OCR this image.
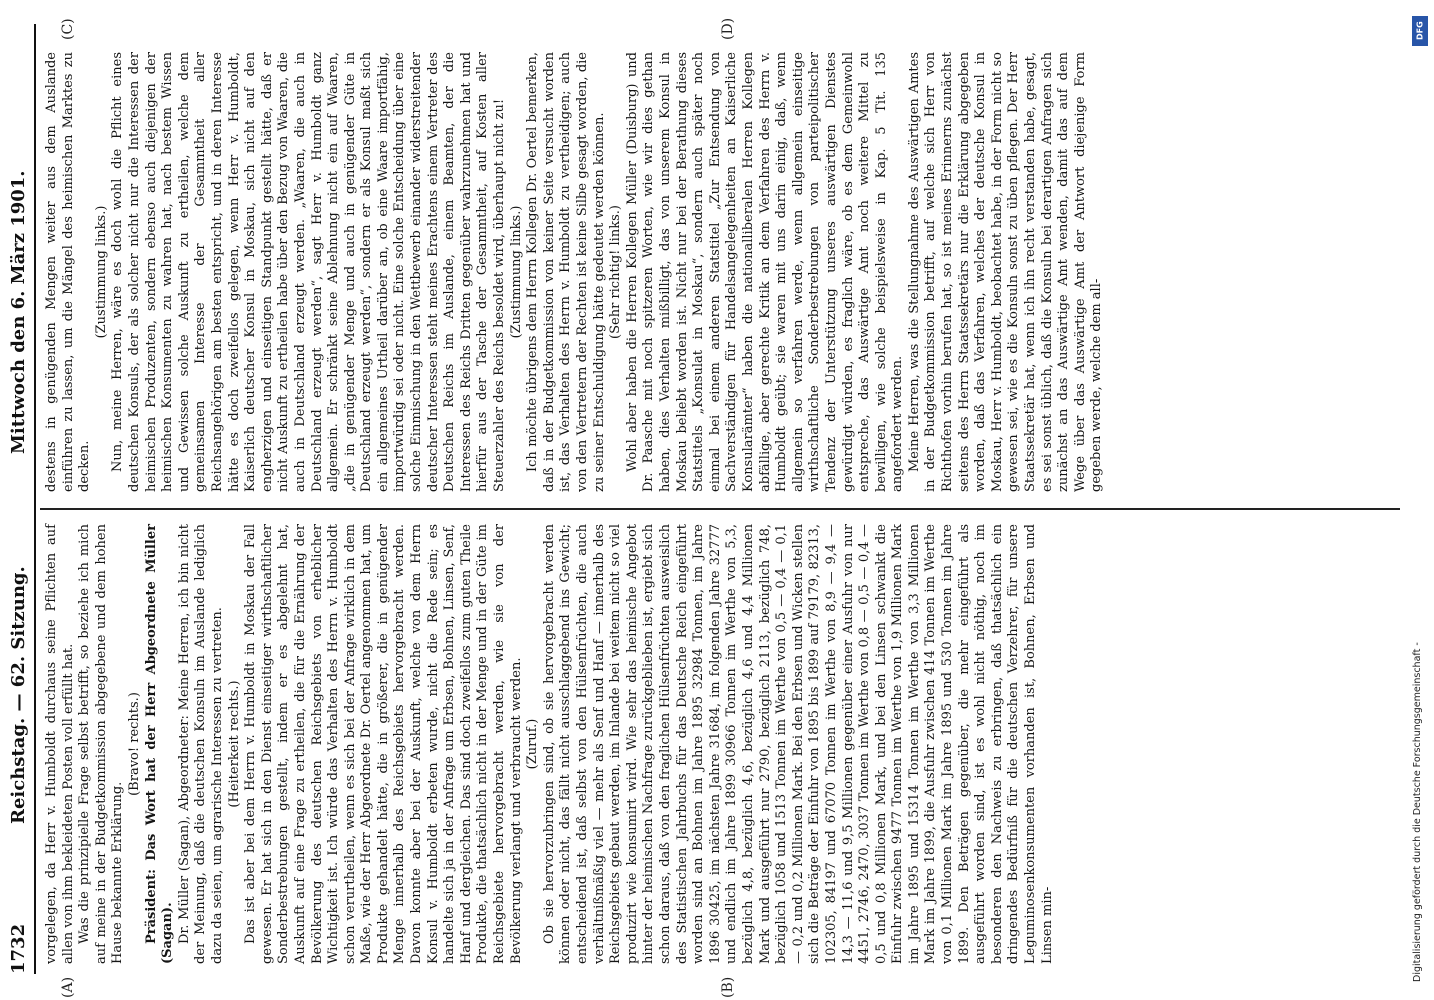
1732
Reichstag. — 62. Sitzung.
Mittwoch den 6. März 1901.
(A)	(B)
(C)	(D)

vorgelegen, da Herr v. Humboldt durchaus seine Pflichten auf allen von ihm bekleideten Posten voll erfüllt hat. Was die prinzipielle Frage selbst betrifft, so beziehe ich mich auf meine in der Budgetkommission abgegebene und dem hohen Hause bekannte Erklärung.

(Bravo! rechts.) Präsident: Das Wort hat der Herr Abgeordnete Müller (Sagan). Dr. Müller (Sagan), Abgeordneter: Meine Herren, ich bin nicht der Meinung, daß die deutschen Konsuln im Auslande lediglich dazu da seien, um agrarische Interessen zu vertreten. (Heiterkeit rechts.) Das ist aber bei dem Herrn v. Humboldt in Moskau der Fall gewesen. Er hat sich in den Dienst einseitiger wirthschaftlicher Sonderbestrebungen gestellt, indem er es abgelehnt hat, Auskunft auf eine Frage zu ertheilen, die für die Ernährung der Bevölkerung des deutschen Reichsgebiets von erheblicher Wichtigkeit ist. Ich würde das Verhalten des Herrn v. Humboldt schon verurtheilen, wenn es sich bei der Anfrage wirklich in dem Maße, wie der Herr Abgeordnete Dr. Oertel angenommen hat, um Produkte gehandelt hätte, die in größerer, die in genügender Menge innerhalb des Reichsgebiets hervorgebracht werden. Davon konnte aber bei der Auskunft, welche von dem Herrn Konsul v. Humboldt erbeten wurde, nicht die Rede sein; es handelte sich ja in der Anfrage um Erbsen, Bohnen, Linsen, Senf, Hanf und dergleichen. Das sind doch zweifellos zum guten Theile Produkte, die thatsächlich nicht in der Menge und in der Güte im Reichsgebiete hervorgebracht werden, wie sie von der Bevölkerung verlangt und verbraucht werden. (Zuruf.) Ob sie hervorzubringen sind, ob sie hervorgebracht werden können oder nicht, das fällt nicht ausschlaggebend ins Gewicht; entscheidend ist, daß selbst von den Hülsenfrüchten, die auch verhältnißmäßig viel — mehr als Senf und Hanf — innerhalb des Reichsgebiets gebaut werden, im Inlande bei weitem nicht so viel produzirt wie konsumirt wird. Wie sehr das heimische Angebot hinter der heimischen Nachfrage zurückgeblieben ist, ergiebt sich schon daraus, daß von den fraglichen Hülsenfrüchten ausweislich des Statistischen Jahrbuchs für das Deutsche Reich eingeführt worden sind an Bohnen im Jahre 1895 32984 Tonnen, im Jahre 1896 30425, im nächsten Jahre 31684, im folgenden Jahre 32777 und endlich im Jahre 1899 30966 Tonnen im Werthe von 5,3, bezüglich 4,8, bezüglich 4,6, bezüglich 4,6 und 4,4 Millionen Mark und ausgeführt nur 2790, bezüglich 2113, bezüglich 748, bezüglich 1058 und 1513 Tonnen im Werthe von 0,5 — 0,4 — 0,1 — 0,2 und 0,2 Millionen Mark. Bei den Erbsen und Wicken stellen sich die Beträge der Einfuhr von 1895 bis 1899 auf 79179, 82313, 102305, 84197 und 67070 Tonnen im Werthe von 8,9 — 9,4 — 14,3 — 11,6 und 9,5 Millionen gegenüber einer Ausfuhr von nur 4451, 2746, 2470, 3037 Tonnen im Werthe von 0,8 — 0,5 — 0,4 — 0,5 und 0,8 Millionen Mark, und bei den Linsen schwankt die Einfuhr zwischen 9477 Tonnen im Werthe von 1,9 Millionen Mark im Jahre 1895 und 15314 Tonnen im Werthe von 3,3 Millionen Mark im Jahre 1899, die Ausfuhr zwischen 414 Tonnen im Werthe von 0,1 Millionen Mark im Jahre 1895 und 530 Tonnen im Jahre 1899. Den Beträgen gegenüber, die mehr eingeführt als ausgeführt worden sind, ist es wohl nicht nöthig, noch im besonderen den Nachweis zu erbringen, daß thatsächlich ein dringendes Bedürfniß für die deutschen Verzehrer, für unsere Leguminosenkonsumenten vorhanden ist, Bohnen, Erbsen und Linsen min-

destens in genügenden Mengen weiter aus dem Auslande einführen zu lassen, um die Mängel des heimischen Marktes zu decken.

(Zustimmung links.) Nun, meine Herren, wäre es doch wohl die Pflicht eines deutschen Konsuls, der als solcher nicht nur die Interessen der heimischen Produzenten, sondern ebenso auch diejenigen der heimischen Konsumenten zu wahren hat, nach bestem Wissen und Gewissen solche Auskunft zu ertheilen, welche dem gemeinsamen Interesse der Gesammtheit aller Reichsangehörigen am besten entspricht, und in deren Interesse hätte es doch zweifellos gelegen, wenn Herr v. Humboldt, Kaiserlich deutscher Konsul in Moskau, sich nicht auf den engherzigen und einseitigen Standpunkt gestellt hätte, daß er nicht Auskunft zu ertheilen habe über den Bezug von Waaren, die auch in Deutschland erzeugt werden. „Waaren, die auch in Deutschland erzeugt werden“, sagt Herr v. Humboldt ganz allgemein. Er schränkt seine Ablehnung nicht ein auf Waaren, „die in genügender Menge und auch in genügender Güte in Deutschland erzeugt werden“, sondern er als Konsul maßt sich ein allgemeines Urtheil darüber an, ob eine Waare importfähig, importwürdig sei oder nicht. Eine solche Entscheidung über eine solche Einmischung in den Wettbewerb einander widerstreitender deutscher Interessen steht meines Erachtens einem Vertreter des Deutschen Reichs im Auslande, einem Beamten, der die Interessen des Reichs Dritten gegenüber wahrzunehmen hat und hierfür aus der Tasche der Gesammtheit, auf Kosten aller Steuerzahler des Reichs besoldet wird, überhaupt nicht zu! (Zustimmung links.) Ich möchte übrigens dem Herrn Kollegen Dr. Oertel bemerken, daß in der Budgetkommission von keiner Seite versucht worden ist, das Verhalten des Herrn v. Humboldt zu vertheidigen; auch von den Vertretern der Rechten ist keine Silbe gesagt worden, die zu seiner Entschuldigung hätte gedeutet werden können. (Sehr richtig! links.) Wohl aber haben die Herren Kollegen Müller (Duisburg) und Dr. Paasche mit noch spitzeren Worten, wie wir dies gethan haben, dies Verhalten mißbilligt, das von unserem Konsul in Moskau beliebt worden ist. Nicht nur bei der Berathung dieses Statstitels „Konsulat in Moskau“, sondern auch später noch einmal bei einem anderen Statstitel „Zur Entsendung von Sachverständigen für Handelsangelegenheiten an Kaiserliche Konsularämter“ haben die nationalliberalen Herren Kollegen abfällige, aber gerechte Kritik an dem Verfahren des Herrn v. Humboldt geübt; sie waren mit uns darin einig, daß, wenn allgemein so verfahren werde, wenn allgemein einseitige wirthschaftliche Sonderbestrebungen von parteipolitischer Tendenz der Unterstützung unseres auswärtigen Dienstes gewürdigt würden, es fraglich wäre, ob es dem Gemeinwohl entspreche, das Auswärtige Amt noch weitere Mittel zu bewilligen, wie solche beispielsweise in Kap. 5 Tit. 135 angefordert werden. Meine Herren, was die Stellungnahme des Auswärtigen Amtes in der Budgetkommission betrifft, auf welche sich Herr von Richthofen vorhin berufen hat, so ist meines Erinnerns zunächst seitens des Herrn Staatssekretärs nur die Erklärung abgegeben worden, daß das Verfahren, welches der deutsche Konsul in Moskau, Herr v. Humboldt, beobachtet habe, in der Form nicht so gewesen sei, wie es die Konsuln sonst zu üben pflegen. Der Herr Staatssekretär hat, wenn ich ihn recht verstanden habe, gesagt, es sei sonst üblich, daß die Konsuln bei derartigen Anfragen sich zunächst an das Auswärtige Amt wenden, damit das auf dem Wege über das Auswärtige Amt der Antwort diejenige Form gegeben werde, welche dem all-

DFG
Digitalisierung gefördert durch die Deutsche Forschungsgemeinschaft -
